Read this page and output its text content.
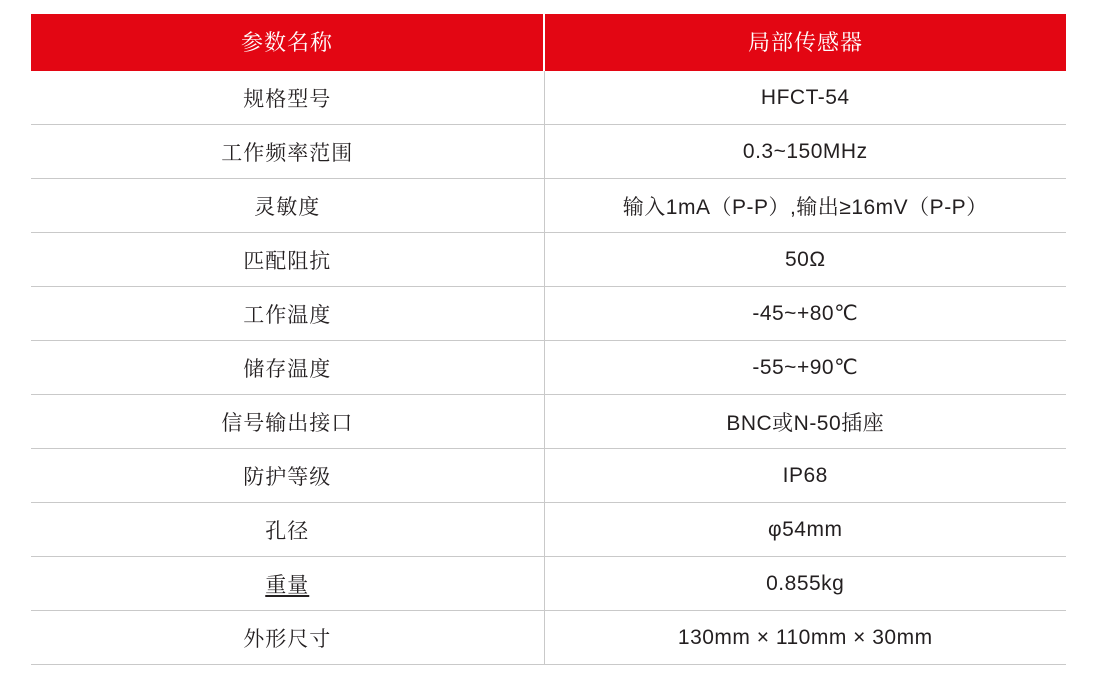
参数名称	局部传感器
规格型号	HFCT-54
工作频率范围	0.3~150MHz
灵敏度	输入1mA（P-P）,输出≥16mV（P-P）
匹配阻抗	50Ω
工作温度	-45~+80℃
储存温度	-55~+90℃
信号输出接口	BNC或N-50插座
防护等级	IP68
孔径	φ54mm
重量	0.855kg
外形尺寸	130mm × 110mm × 30mm
